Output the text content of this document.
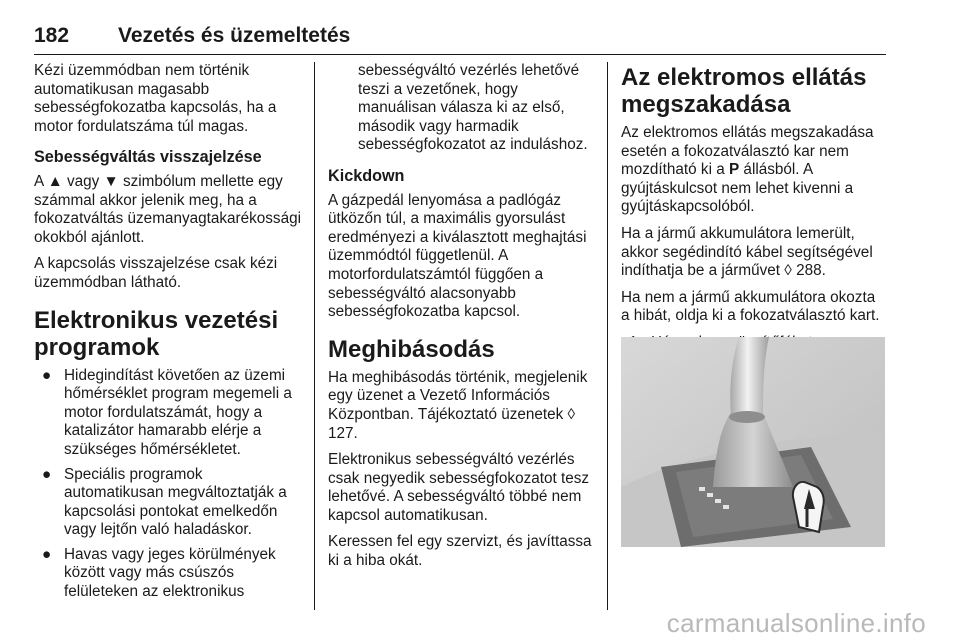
182 Vezetés és üzemeltetés

Kézi üzemmódban nem történik automatikusan magasabb sebességfokozatba kapcsolás, ha a motor fordulatszáma túl magas.

Sebességváltás visszajelzése

A ▲ vagy ▼ szimbólum mellette egy számmal akkor jelenik meg, ha a fokozatváltás üzemanyagtakarékossági okokból ajánlott.

A kapcsolás visszajelzése csak kézi üzemmódban látható.

Elektronikus vezetési programok
● Hidegindítást követően az üzemi hőmérséklet program megemeli a motor fordulatszámát, hogy a katalizátor hamarabb elérje a szükséges hőmérsékletet.
● Speciális programok automatikusan megváltoztatják a kapcsolási pontokat emelkedőn vagy lejtőn való haladáskor.
● Havas vagy jeges körülmények között vagy más csúszós felületeken az elektronikus

sebességváltó vezérlés lehetővé teszi a vezetőnek, hogy manuálisan válasza ki az első, második vagy harmadik sebességfokozatot az induláshoz.

Kickdown

A gázpedál lenyomása a padlógáz ütközőn túl, a maximális gyorsulást eredményezi a kiválasztott meghajtási üzemmódtól függetlenül. A motorfordulatszámtól függően a sebességváltó alacsonyabb sebességfokozatba kapcsol.

Meghibásodás

Ha meghibásodás történik, megjelenik egy üzenet a Vezető Információs Központban. Tájékoztató üzenetek ◊ 127.

Elektronikus sebességváltó vezérlés csak negyedik sebességfokozatot tesz lehetővé. A sebességváltó többé nem kapcsol automatikusan.

Keressen fel egy szervizt, és javíttassa ki a hiba okát.

Az elektromos ellátás megszakadása

Az elektromos ellátás megszakadása esetén a fokozatválasztó kar nem mozdítható ki a P állásból. A gyújtáskulcsot nem lehet kivenni a gyújtáskapcsolóból.

Ha a jármű akkumulátora lemerült, akkor segédindító kábel segítségével indíthatja be a járművet ◊ 288.

Ha nem a jármű akkumulátora okozta a hibát, oldja ki a fokozatválasztó kart.

carmanualsonline.info
